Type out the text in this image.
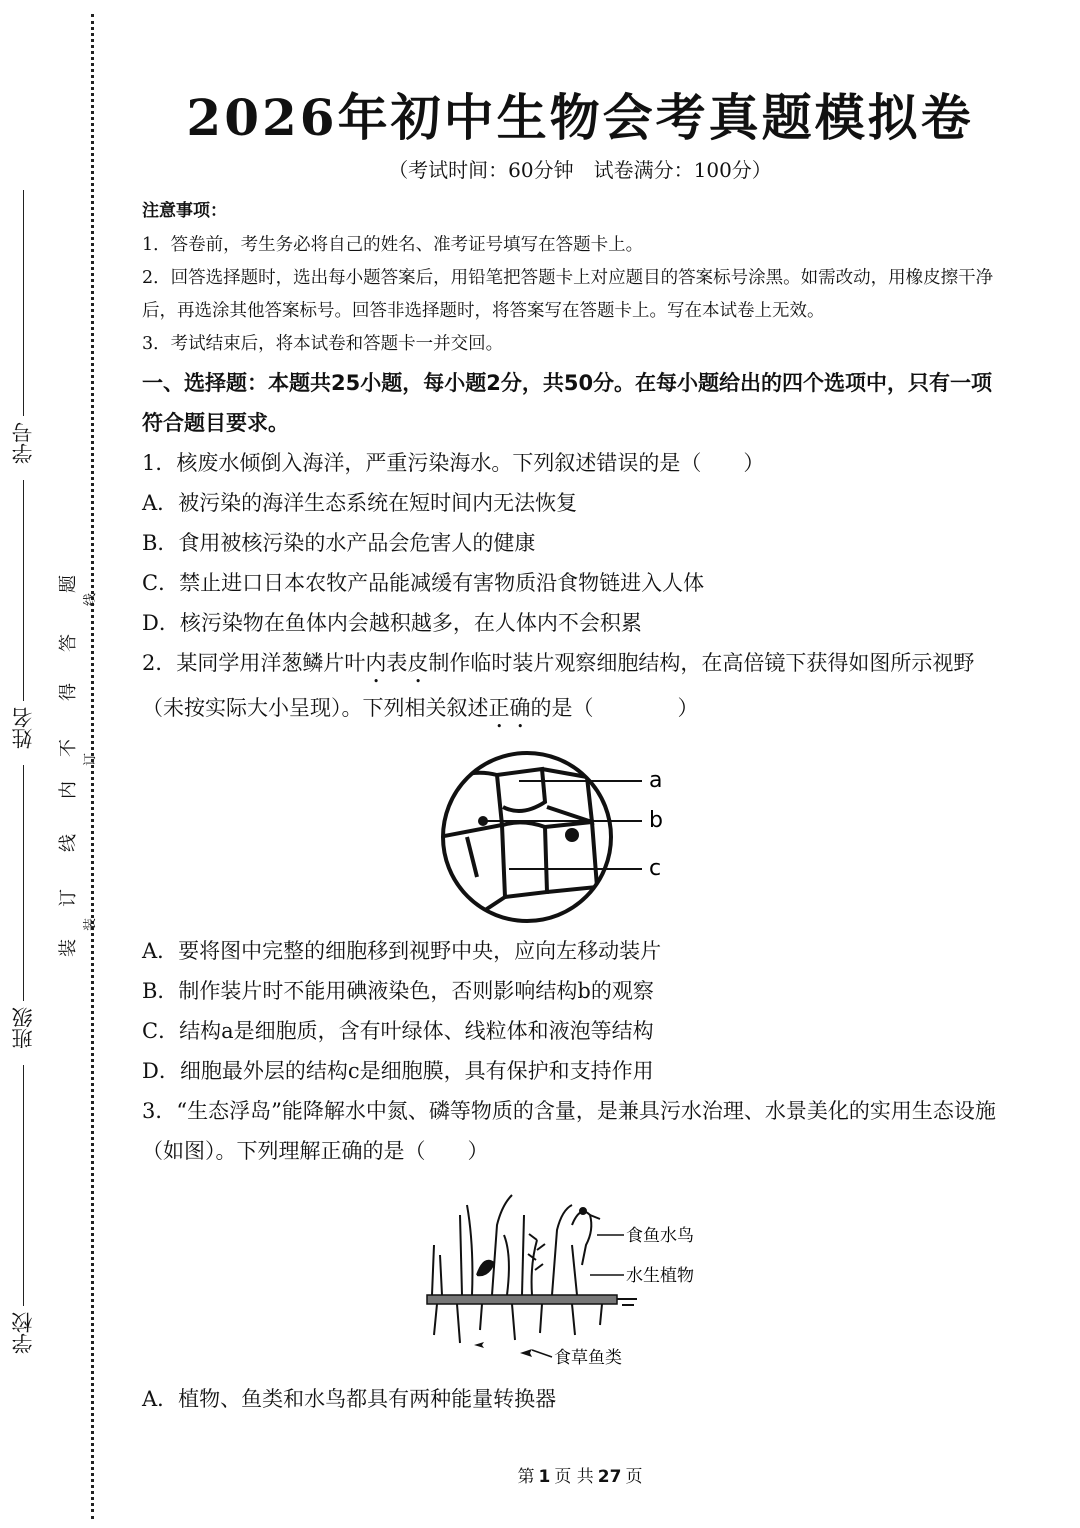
学号
姓名
班级
学校
装
订
线
内
不
得
答
题
装
订
线
2026年初中生物会考真题模拟卷
（考试时间：60分钟　试卷满分：100分）

注意事项：

1．答卷前，考生务必将自己的姓名、准考证号填写在答题卡上。

2．回答选择题时，选出每小题答案后，用铅笔把答题卡上对应题目的答案标号涂黑。如需改动，用橡皮擦干净后，再选涂其他答案标号。回答非选择题时，将答案写在答题卡上。写在本试卷上无效。

3．考试结束后，将本试卷和答题卡一并交回。

一、选择题：本题共25小题，每小题2分，共50分。在每小题给出的四个选项中，只有一项符合题目要求。

1．核废水倾倒入海洋，严重污染海水。下列叙述错误的是（　　）

A．被污染的海洋生态系统在短时间内无法恢复

B．食用被核污染的水产品会危害人的健康

C．禁止进口日本农牧产品能减缓有害物质沿食物链进入人体

D．核污染物在鱼体内会越积越多，在人体内不会积累

2．某同学用洋葱鳞片叶内表皮制作临时装片观察细胞结构，在高倍镜下获得如图所示视野（未按实际大小呈现）。下列相关叙述正确的是（　　　　）

a
b
c

A．要将图中完整的细胞移到视野中央，应向左移动装片

B．制作装片时不能用碘液染色，否则影响结构b的观察

C．结构a是细胞质，含有叶绿体、线粒体和液泡等结构

D．细胞最外层的结构c是细胞膜，具有保护和支持作用

3．“生态浮岛”能降解水中氮、磷等物质的含量，是兼具污水治理、水景美化的实用生态设施（如图）。下列理解正确的是（　　）

食鱼水鸟
水生植物
食草鱼类

A．植物、鱼类和水鸟都具有两种能量转换器

第 1 页 共 27 页
